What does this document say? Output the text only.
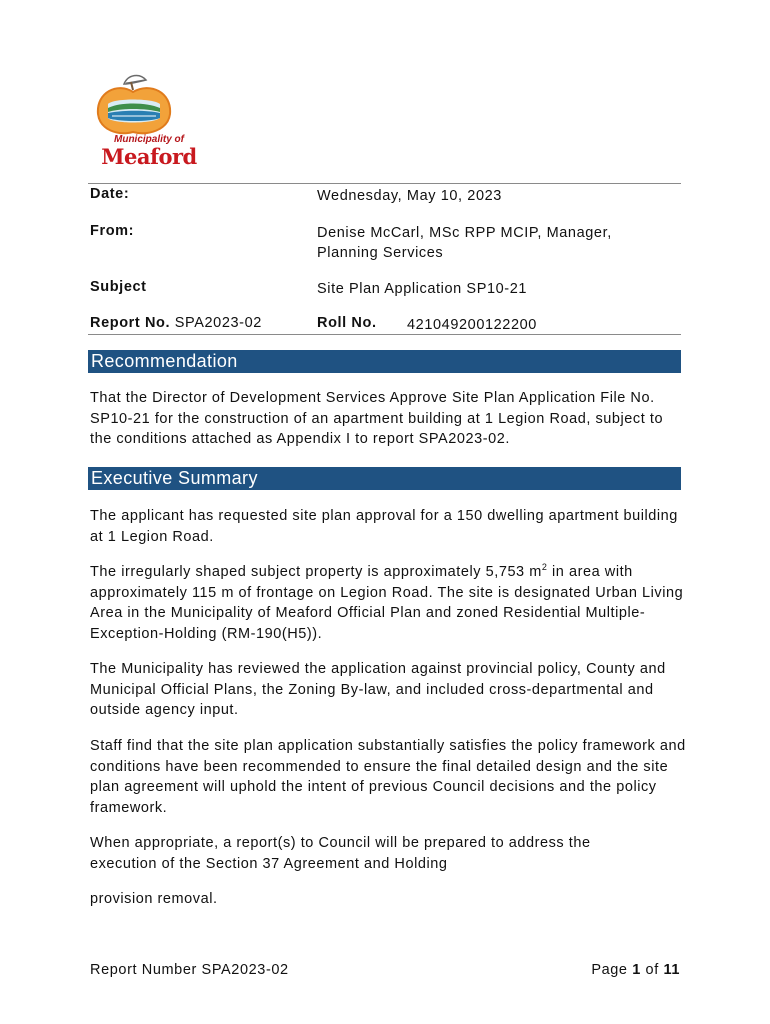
Municipality of
Meaford
Date:	Wednesday, May 10, 2023
From:	Denise McCarl, MSc RPP MCIP, Manager,
Planning Services
Subject	Site Plan Application SP10-21
Report No. SPA2023-02	Roll No. 421049200122200
Recommendation

That the Director of Development Services Approve Site Plan Application File No. SP10-21 for the construction of an apartment building at 1 Legion Road, subject to the conditions attached as Appendix I to report SPA2023-02.

Executive Summary

The applicant has requested site plan approval for a 150 dwelling apartment building at 1 Legion Road.

The irregularly shaped subject property is approximately 5,753 $m^2$ in area with approximately 115 m of frontage on Legion Road. The site is designated Urban Living Area in the Municipality of Meaford Official Plan and zoned Residential Multiple-Exception-Holding (RM-190(H5)).

The Municipality has reviewed the application against provincial policy, County and Municipal Official Plans, the Zoning By-law, and included cross-departmental and outside agency input.

Staff find that the site plan application substantially satisfies the policy framework and conditions have been recommended to ensure the final detailed design and the site plan agreement will uphold the intent of previous Council decisions and the policy framework.

When appropriate, a report(s) to Council will be prepared to address the
execution of the Section 37 Agreement and Holding

provision removal.

Report Number SPA2023-02	Page 1 of 11
